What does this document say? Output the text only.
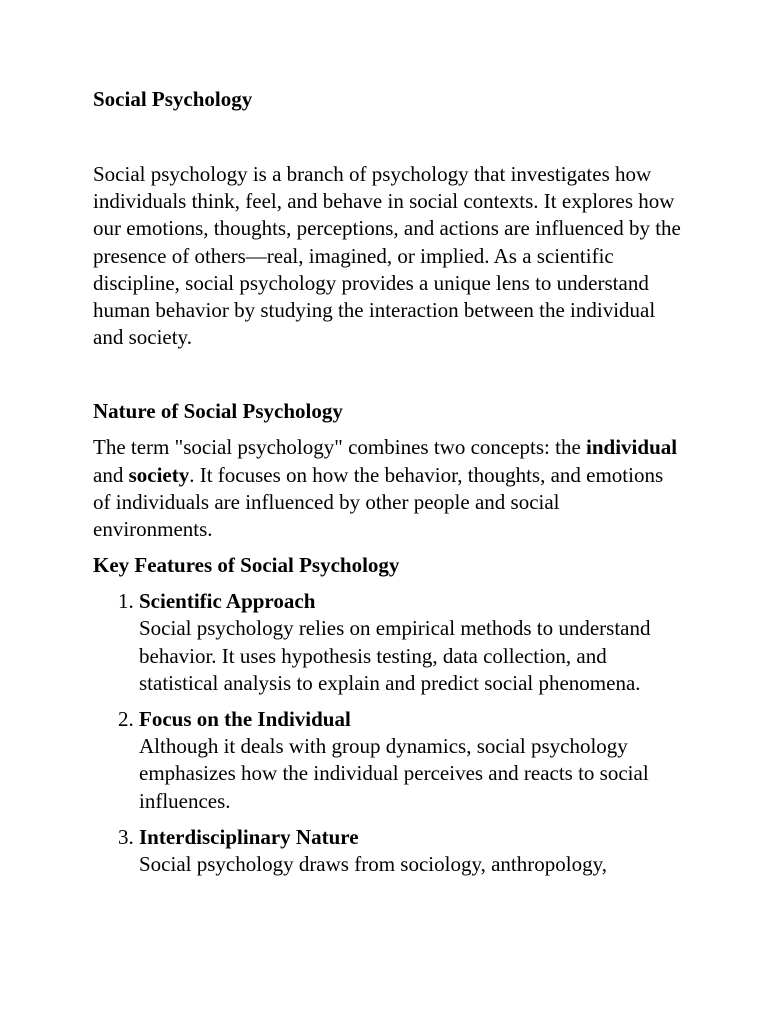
Social Psychology

Social psychology is a branch of psychology that investigates how individuals think, feel, and behave in social contexts. It explores how our emotions, thoughts, perceptions, and actions are influenced by the presence of others—real, imagined, or implied. As a scientific discipline, social psychology provides a unique lens to understand human behavior by studying the interaction between the individual and society.

Nature of Social Psychology

The term "social psychology" combines two concepts: the individual and society. It focuses on how the behavior, thoughts, and emotions of individuals are influenced by other people and social environments.

Key Features of Social Psychology
1. Scientific Approach
Social psychology relies on empirical methods to understand behavior. It uses hypothesis testing, data collection, and statistical analysis to explain and predict social phenomena.
2. Focus on the Individual
Although it deals with group dynamics, social psychology emphasizes how the individual perceives and reacts to social influences.
3. Interdisciplinary Nature
Social psychology draws from sociology, anthropology,
